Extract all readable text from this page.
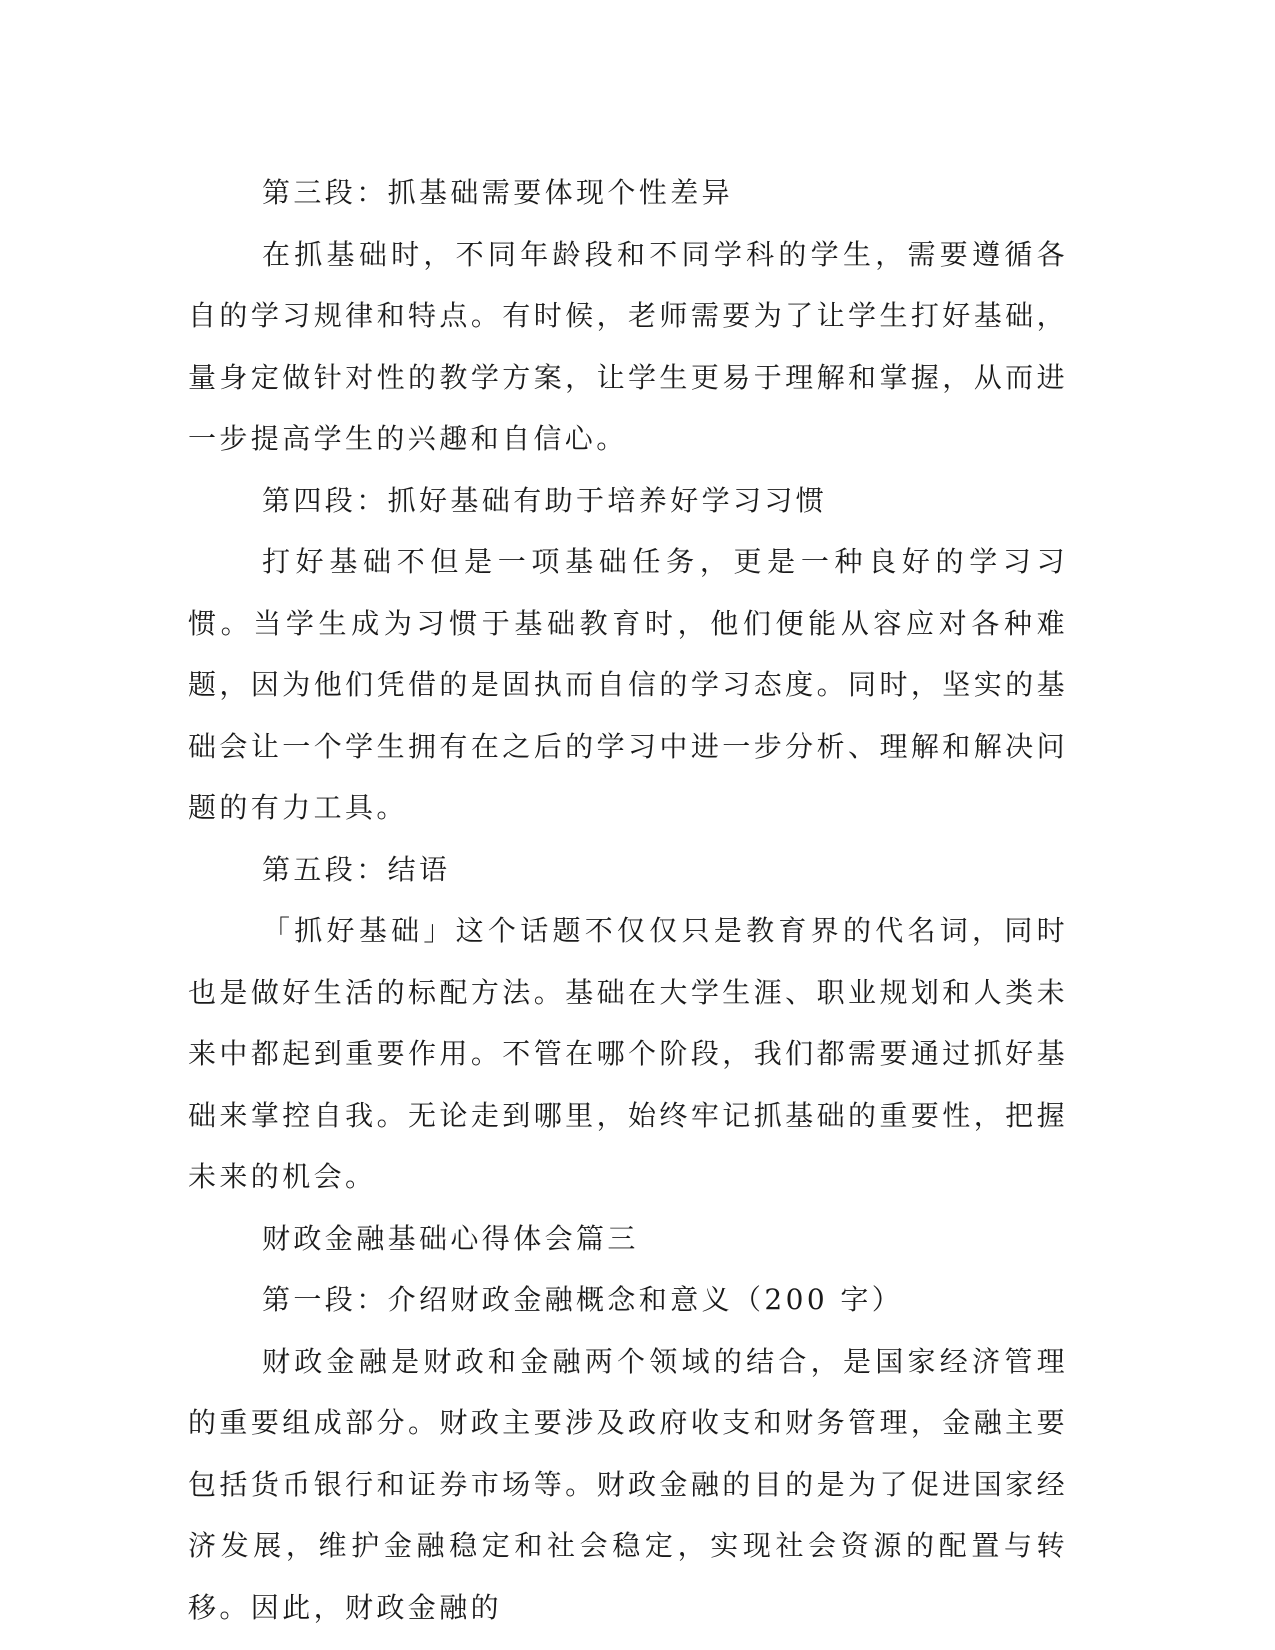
第三段：抓基础需要体现个性差异

在抓基础时，不同年龄段和不同学科的学生，需要遵循各自的学习规律和特点。有时候，老师需要为了让学生打好基础，量身定做针对性的教学方案，让学生更易于理解和掌握，从而进一步提高学生的兴趣和自信心。

第四段：抓好基础有助于培养好学习习惯

打好基础不但是一项基础任务，更是一种良好的学习习惯。当学生成为习惯于基础教育时，他们便能从容应对各种难题，因为他们凭借的是固执而自信的学习态度。同时，坚实的基础会让一个学生拥有在之后的学习中进一步分析、理解和解决问题的有力工具。

第五段：结语

「抓好基础」这个话题不仅仅只是教育界的代名词，同时也是做好生活的标配方法。基础在大学生涯、职业规划和人类未来中都起到重要作用。不管在哪个阶段，我们都需要通过抓好基础来掌控自我。无论走到哪里，始终牢记抓基础的重要性，把握未来的机会。

财政金融基础心得体会篇三

第一段：介绍财政金融概念和意义（200 字）

财政金融是财政和金融两个领域的结合，是国家经济管理的重要组成部分。财政主要涉及政府收支和财务管理，金融主要包括货币银行和证券市场等。财政金融的目的是为了促进国家经济发展，维护金融稳定和社会稳定，实现社会资源的配置与转移。因此，财政金融的
